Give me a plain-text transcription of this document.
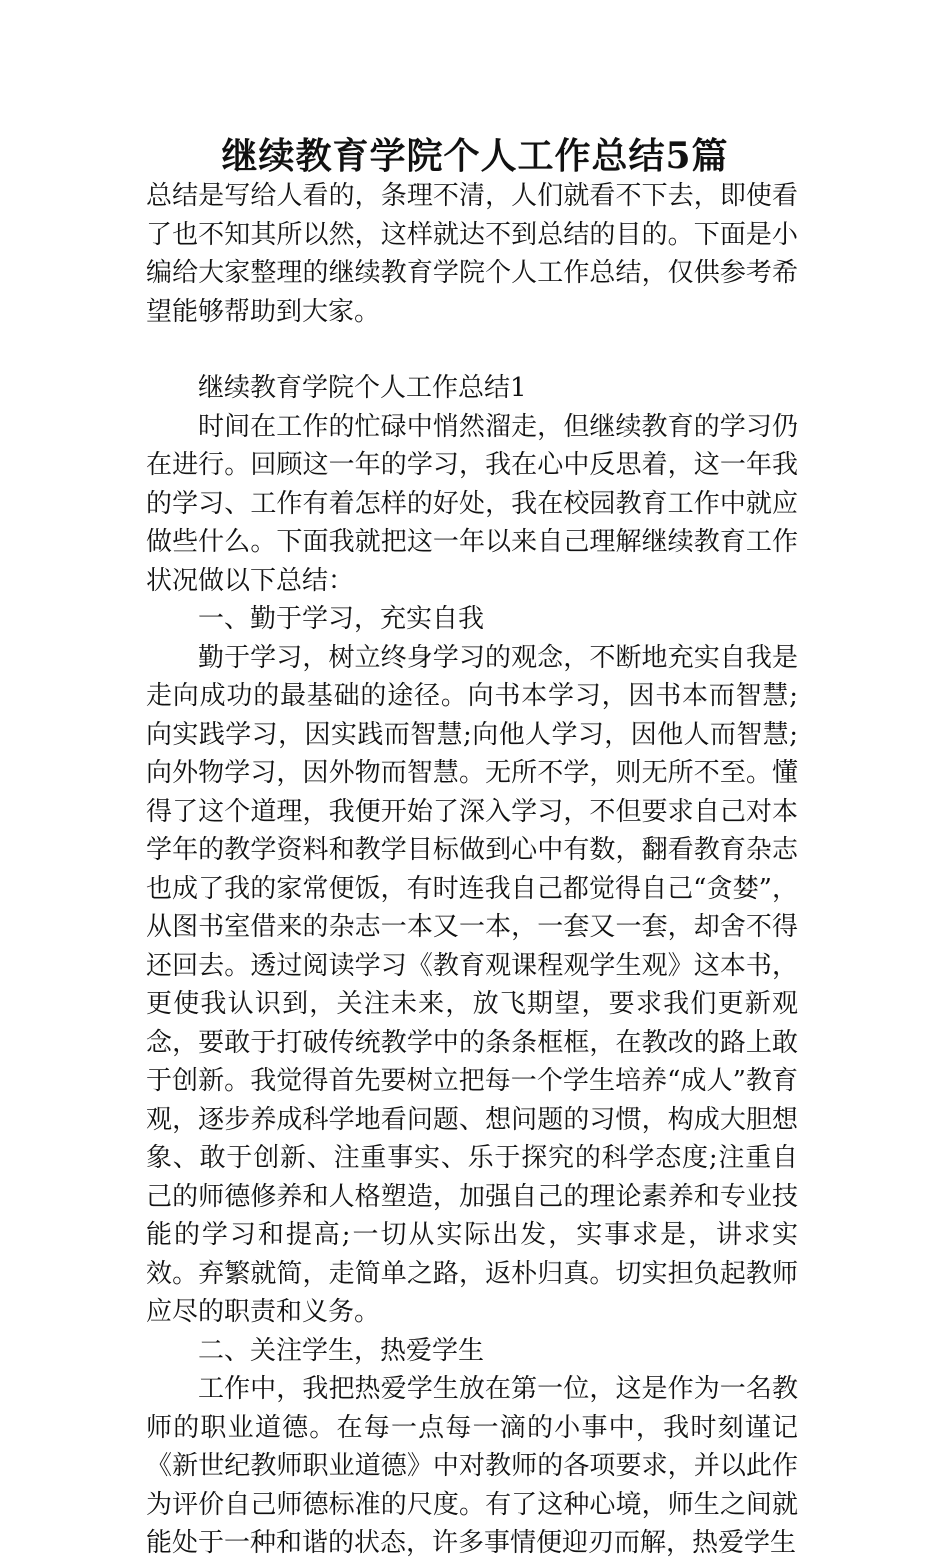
继续教育学院个人工作总结5篇

总结是写给人看的，条理不清，人们就看不下去，即使看了也不知其所以然，这样就达不到总结的目的。下面是小编给大家整理的继续教育学院个人工作总结，仅供参考希望能够帮助到大家。

继续教育学院个人工作总结1

时间在工作的忙碌中悄然溜走，但继续教育的学习仍在进行。回顾这一年的学习，我在心中反思着，这一年我的学习、工作有着怎样的好处，我在校园教育工作中就应做些什么。下面我就把这一年以来自己理解继续教育工作状况做以下总结：

一、勤于学习，充实自我

勤于学习，树立终身学习的观念，不断地充实自我是走向成功的最基础的途径。向书本学习，因书本而智慧;向实践学习，因实践而智慧;向他人学习，因他人而智慧;向外物学习，因外物而智慧。无所不学，则无所不至。懂得了这个道理，我便开始了深入学习，不但要求自己对本学年的教学资料和教学目标做到心中有数，翻看教育杂志也成了我的家常便饭，有时连我自己都觉得自己“贪婪”，从图书室借来的杂志一本又一本，一套又一套，却舍不得还回去。透过阅读学习《教育观课程观学生观》这本书，更使我认识到，关注未来，放飞期望，要求我们更新观念，要敢于打破传统教学中的条条框框，在教改的路上敢于创新。我觉得首先要树立把每一个学生培养“成人”教育观，逐步养成科学地看问题、想问题的习惯，构成大胆想象、敢于创新、注重事实、乐于探究的科学态度;注重自己的师德修养和人格塑造，加强自己的理论素养和专业技能的学习和提高;一切从实际出发，实事求是，讲求实效。弃繁就简，走简单之路，返朴归真。切实担负起教师应尽的职责和义务。

二、关注学生，热爱学生

工作中，我把热爱学生放在第一位，这是作为一名教师的职业道德。在每一点每一滴的小事中，我时刻谨记《新世纪教师职业道德》中对教师的各项要求，并以此作为评价自己师德标准的尺度。有了这种心境，师生之间就能处于一种和谐的状态，许多事情便迎刃而解，热爱学生
